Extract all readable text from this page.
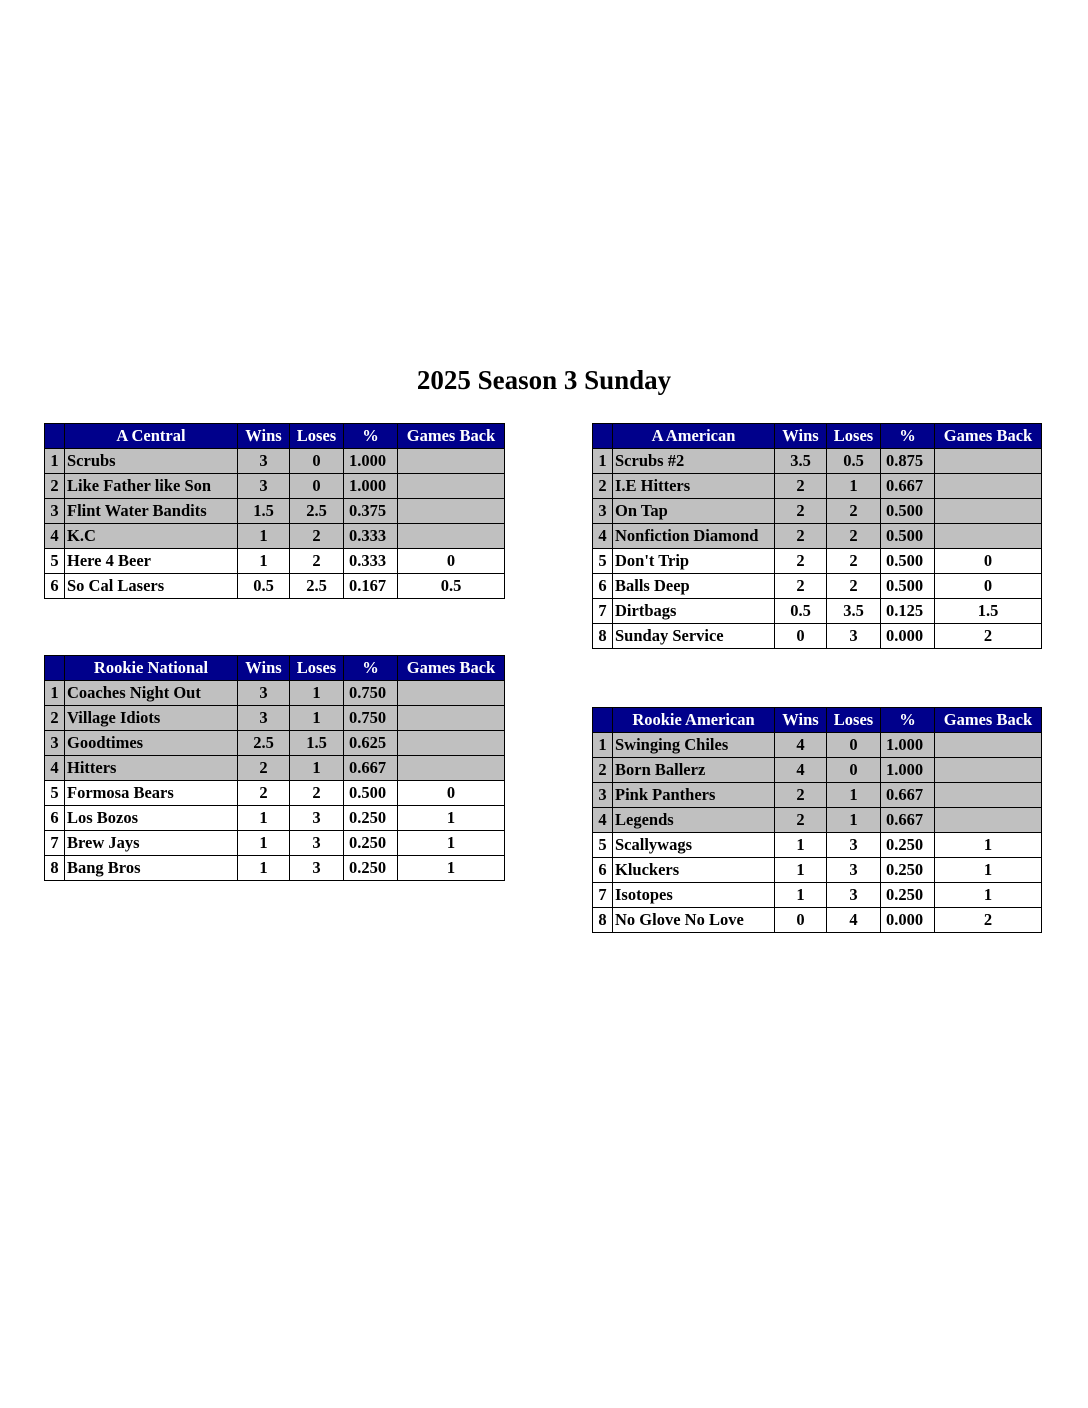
2025 Season 3 Sunday
	A Central	Wins	Loses	%	Games Back
1	Scrubs	3	0	1.000	
2	Like Father like Son	3	0	1.000	
3	Flint Water Bandits	1.5	2.5	0.375	
4	K.C	1	2	0.333	
5	Here 4 Beer	1	2	0.333	0
6	So Cal Lasers	0.5	2.5	0.167	0.5
	A American	Wins	Loses	%	Games Back
1	Scrubs #2	3.5	0.5	0.875	
2	I.E Hitters	2	1	0.667	
3	On Tap	2	2	0.500	
4	Nonfiction Diamond	2	2	0.500	
5	Don't Trip	2	2	0.500	0
6	Balls Deep	2	2	0.500	0
7	Dirtbags	0.5	3.5	0.125	1.5
8	Sunday Service	0	3	0.000	2
	Rookie National	Wins	Loses	%	Games Back
1	Coaches Night Out	3	1	0.750	
2	Village Idiots	3	1	0.750	
3	Goodtimes	2.5	1.5	0.625	
4	Hitters	2	1	0.667	
5	Formosa Bears	2	2	0.500	0
6	Los Bozos	1	3	0.250	1
7	Brew Jays	1	3	0.250	1
8	Bang Bros	1	3	0.250	1
	Rookie American	Wins	Loses	%	Games Back
1	Swinging Chiles	4	0	1.000	
2	Born Ballerz	4	0	1.000	
3	Pink Panthers	2	1	0.667	
4	Legends	2	1	0.667	
5	Scallywags	1	3	0.250	1
6	Kluckers	1	3	0.250	1
7	Isotopes	1	3	0.250	1
8	No Glove No Love	0	4	0.000	2
